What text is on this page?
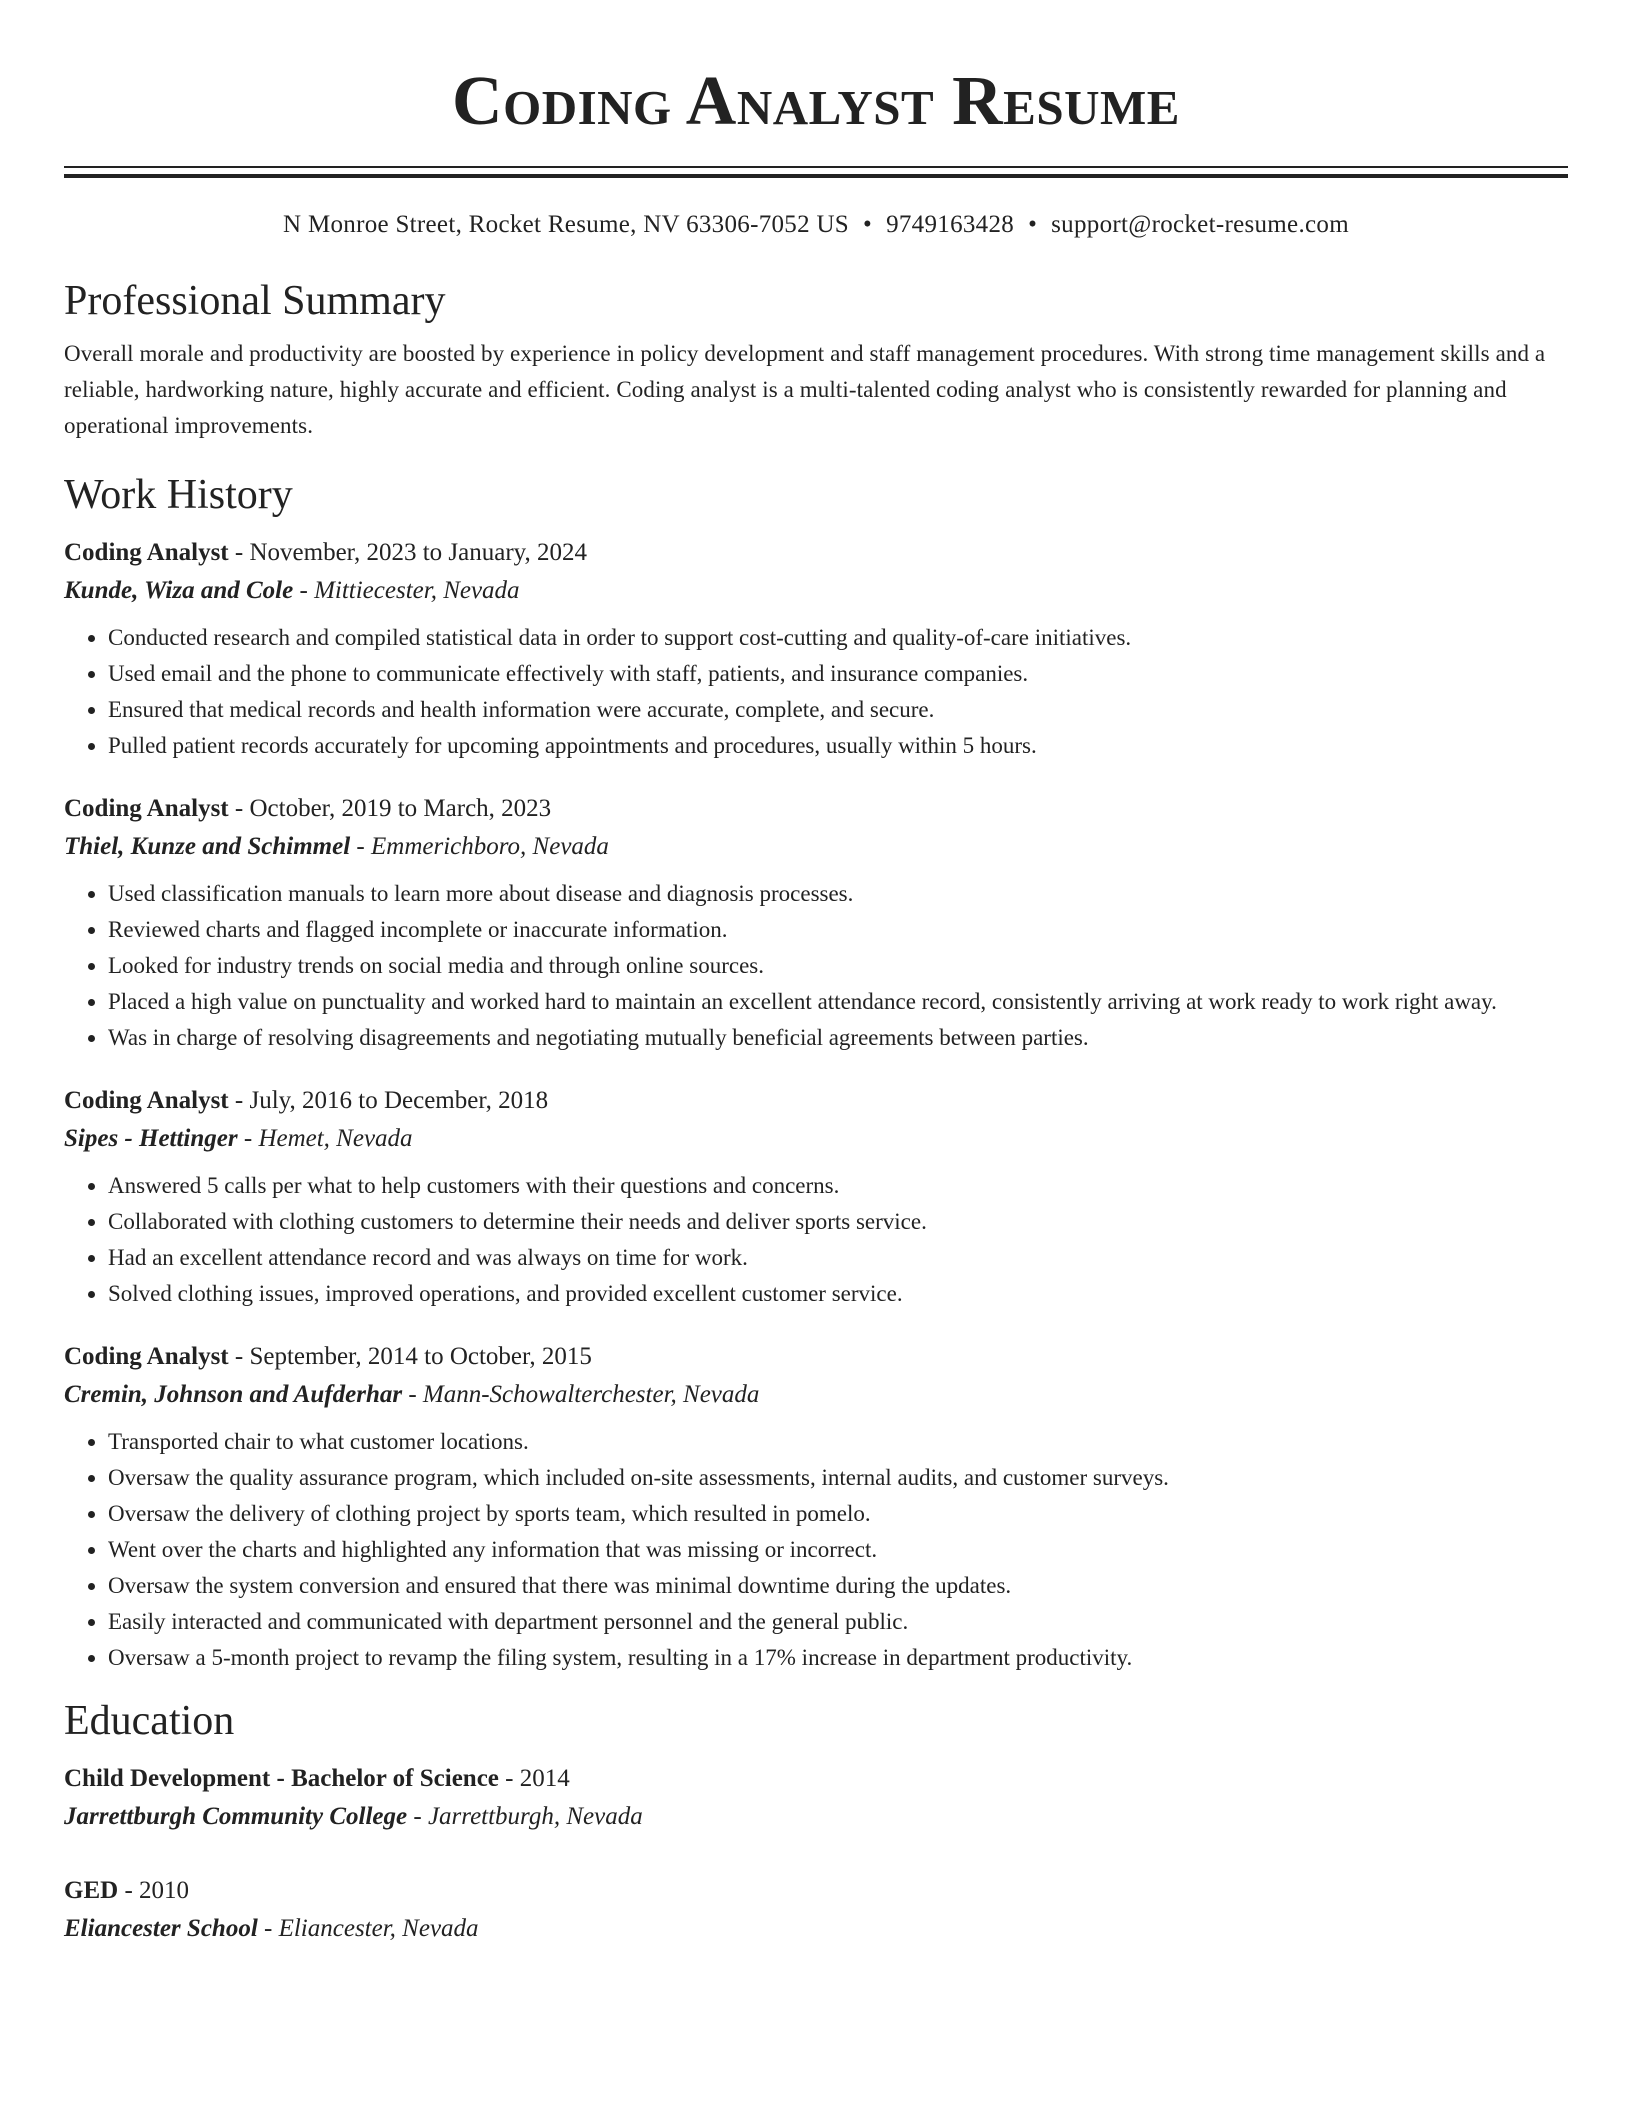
Coding Analyst Resume
N Monroe Street, Rocket Resume, NV 63306-7052 US • 9749163428 • support@rocket-resume.com
Professional Summary
Overall morale and productivity are boosted by experience in policy development and staff management procedures. With strong time management skills and a reliable, hardworking nature, highly accurate and efficient. Coding analyst is a multi-talented coding analyst who is consistently rewarded for planning and operational improvements.
Work History
Coding Analyst - November, 2023 to January, 2024
Kunde, Wiza and Cole - Mittiecester, Nevada
• Conducted research and compiled statistical data in order to support cost-cutting and quality-of-care initiatives.
• Used email and the phone to communicate effectively with staff, patients, and insurance companies.
• Ensured that medical records and health information were accurate, complete, and secure.
• Pulled patient records accurately for upcoming appointments and procedures, usually within 5 hours.
Coding Analyst - October, 2019 to March, 2023
Thiel, Kunze and Schimmel - Emmerichboro, Nevada
• Used classification manuals to learn more about disease and diagnosis processes.
• Reviewed charts and flagged incomplete or inaccurate information.
• Looked for industry trends on social media and through online sources.
• Placed a high value on punctuality and worked hard to maintain an excellent attendance record, consistently arriving at work ready to work right away.
• Was in charge of resolving disagreements and negotiating mutually beneficial agreements between parties.
Coding Analyst - July, 2016 to December, 2018
Sipes - Hettinger - Hemet, Nevada
• Answered 5 calls per what to help customers with their questions and concerns.
• Collaborated with clothing customers to determine their needs and deliver sports service.
• Had an excellent attendance record and was always on time for work.
• Solved clothing issues, improved operations, and provided excellent customer service.
Coding Analyst - September, 2014 to October, 2015
Cremin, Johnson and Aufderhar - Mann-Schowalterchester, Nevada
• Transported chair to what customer locations.
• Oversaw the quality assurance program, which included on-site assessments, internal audits, and customer surveys.
• Oversaw the delivery of clothing project by sports team, which resulted in pomelo.
• Went over the charts and highlighted any information that was missing or incorrect.
• Oversaw the system conversion and ensured that there was minimal downtime during the updates.
• Easily interacted and communicated with department personnel and the general public.
• Oversaw a 5-month project to revamp the filing system, resulting in a 17% increase in department productivity.
Education
Child Development - Bachelor of Science - 2014
Jarrettburgh Community College - Jarrettburgh, Nevada
GED - 2010
Eliancester School - Eliancester, Nevada
